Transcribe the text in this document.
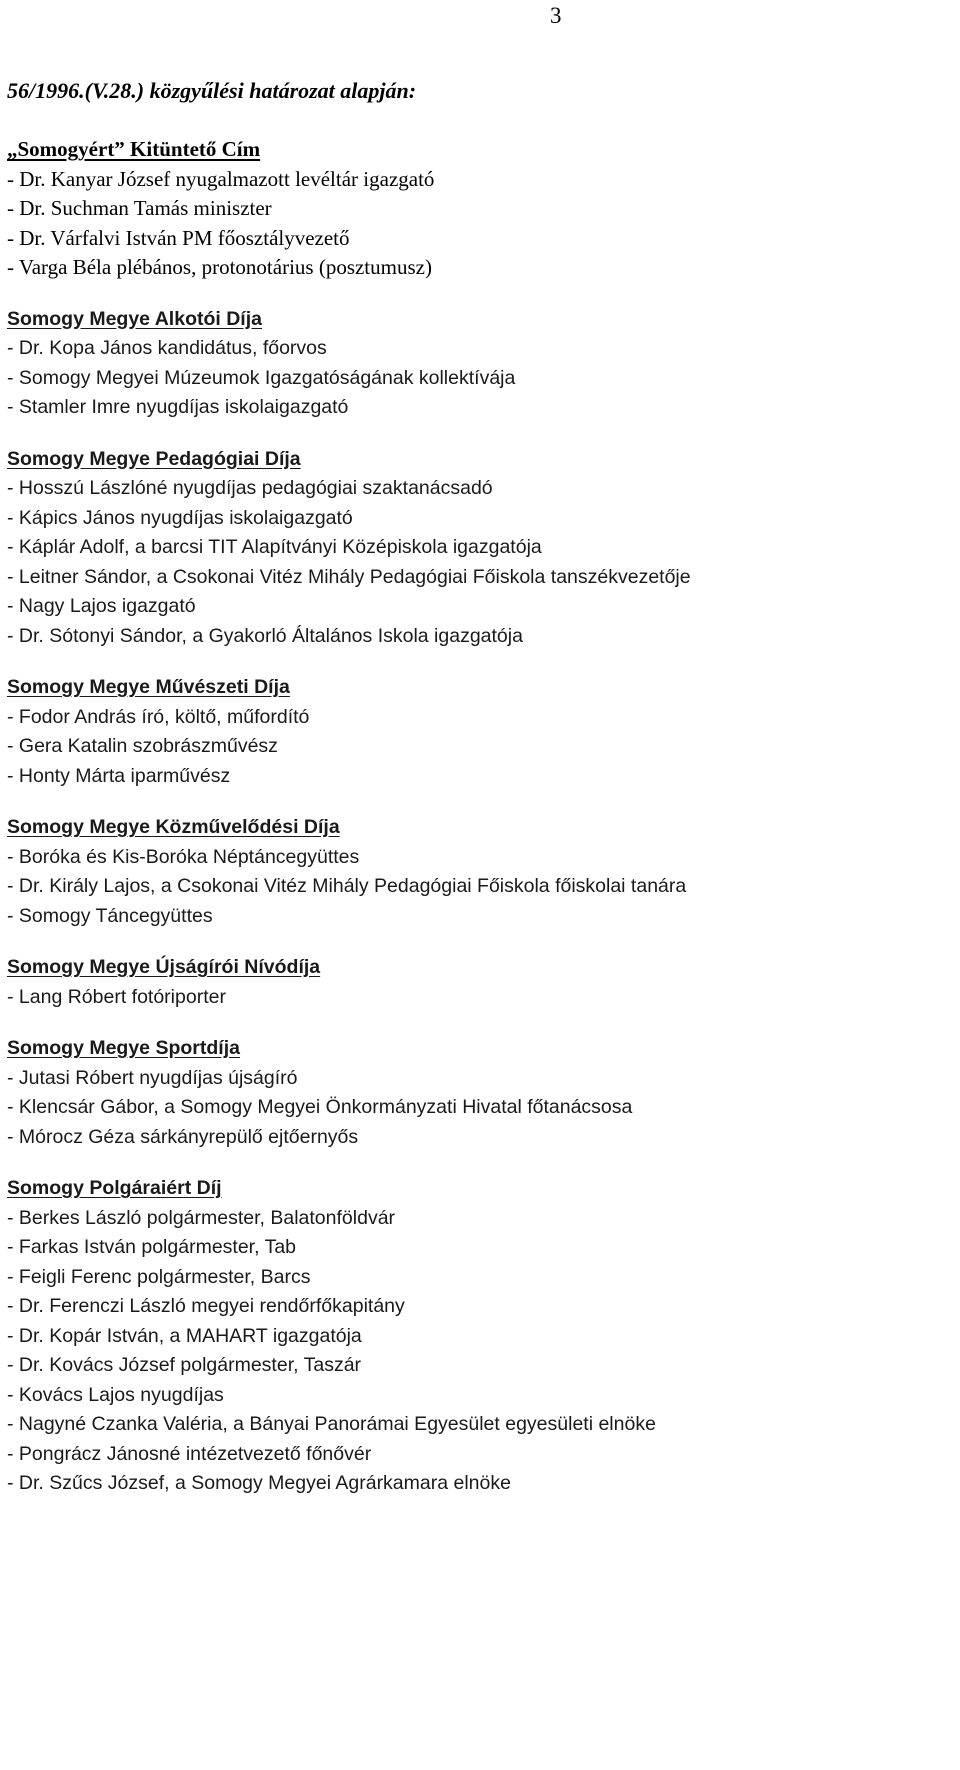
3
56/1996.(V.28.) közgyűlési határozat alapján:
„Somogyért” Kitüntető Cím
- Dr. Kanyar József nyugalmazott levéltár igazgató
- Dr. Suchman Tamás miniszter
- Dr. Várfalvi István PM főosztályvezető
- Varga Béla plébános, protonotárius (posztumusz)
Somogy Megye Alkotói Díja
- Dr. Kopa János kandidátus, főorvos
- Somogy Megyei Múzeumok Igazgatóságának kollektívája
- Stamler Imre nyugdíjas iskolaigazgató
Somogy Megye Pedagógiai Díja
- Hosszú Lászlóné nyugdíjas pedagógiai szaktanácsadó
- Kápics János nyugdíjas iskolaigazgató
- Káplár Adolf, a barcsi TIT Alapítványi Középiskola igazgatója
- Leitner Sándor, a Csokonai Vitéz Mihály Pedagógiai Főiskola tanszékvezetője
- Nagy Lajos igazgató
- Dr. Sótonyi Sándor, a Gyakorló Általános Iskola igazgatója
Somogy Megye Művészeti Díja
- Fodor András író, költő, műfordító
- Gera Katalin szobrászművész
- Honty Márta iparművész
Somogy Megye Közművelődési Díja
- Boróka és Kis-Boróka Néptáncegyüttes
- Dr. Király Lajos, a Csokonai Vitéz Mihály Pedagógiai Főiskola főiskolai tanára
- Somogy Táncegyüttes
Somogy Megye Újságírói Nívódíja
- Lang Róbert fotóriporter
Somogy Megye Sportdíja
- Jutasi Róbert nyugdíjas újságíró
- Klencsár Gábor, a Somogy Megyei Önkormányzati Hivatal főtanácsosa
- Mórocz Géza sárkányrepülő ejtőernyős
Somogy Polgáraiért Díj
- Berkes László polgármester, Balatonföldvár
- Farkas István polgármester, Tab
- Feigli Ferenc polgármester, Barcs
- Dr. Ferenczi László megyei rendőrfőkapitány
- Dr. Kopár István, a MAHART igazgatója
- Dr. Kovács József polgármester, Taszár
- Kovács Lajos nyugdíjas
- Nagyné Czanka Valéria, a Bányai Panorámai Egyesület egyesületi elnöke
- Pongrácz Jánosné intézetvezető főnővér
- Dr. Szűcs József, a Somogy Megyei Agrárkamara elnöke
